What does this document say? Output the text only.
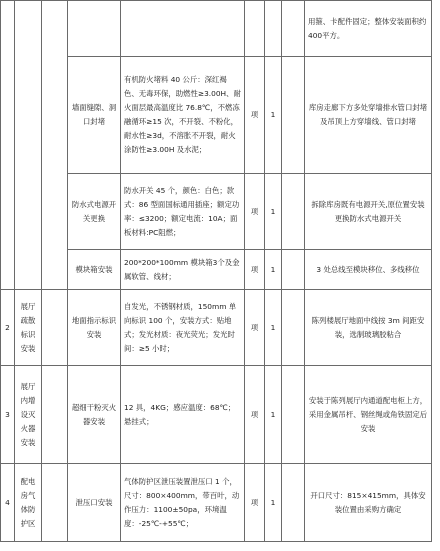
								用箍、卡配件固定；整体安装面积约400平方。
			墙面缝隙、洞口封堵	有机防火堵料 40 公斤：深红褐色、无毒环保，助燃性≥3.00H、耐火面层最高温度比 76.8℃，不燃冻融循环≥15 次，不开裂、不粉化，耐水性≥3d，不溶胀不开裂，耐火涂防性≥3.00H 及水泥；	项	1		库房走廊下方多处穿墙排水管口封堵及吊顶上方穿墙线、管口封堵
			防水式电源开关更换	防水开关 45 个，颜色：白色；款式：86 型面国标通用插座；额定功率：≤3200；额定电流：10A；面板材料:PC阻燃；	项	1		拆除库房既有电源开关,原位置安装更换防水式电源开关
			模块箱安装	200*200*100mm 模块箱3个及金属软管、线材；	项	1		3 处总线至模块移位、多线移位
2	展厅疏散标识安装		地面指示标识安装	自发光，不锈钢材质，150mm 单向标识 100 个，安装方式：贴地式；发光材质：夜光荧光；发光时间：≥5 小时；	项	1		陈列楼展厅地面中线按 3m 间距安装，选制玻璃胶粘合
3	展厅内增设灭火器安装		超细干粉灭火器安装	12 具，4KG；感应温度：68℃；悬挂式；	项	1		安装于陈列展厅内通道配电柜上方，采用金属吊杆、钢丝绳或角铁固定后安装
4	配电房气体防护区		泄压口安装	气体防护区泄压装置泄压口 1 个，尺寸：800×400mm，带百叶，动作压力：1100±50pa，环境温度：-25℃-+55℃；	项	1		开口尺寸：815×415mm，具体安装位置由采购方确定
